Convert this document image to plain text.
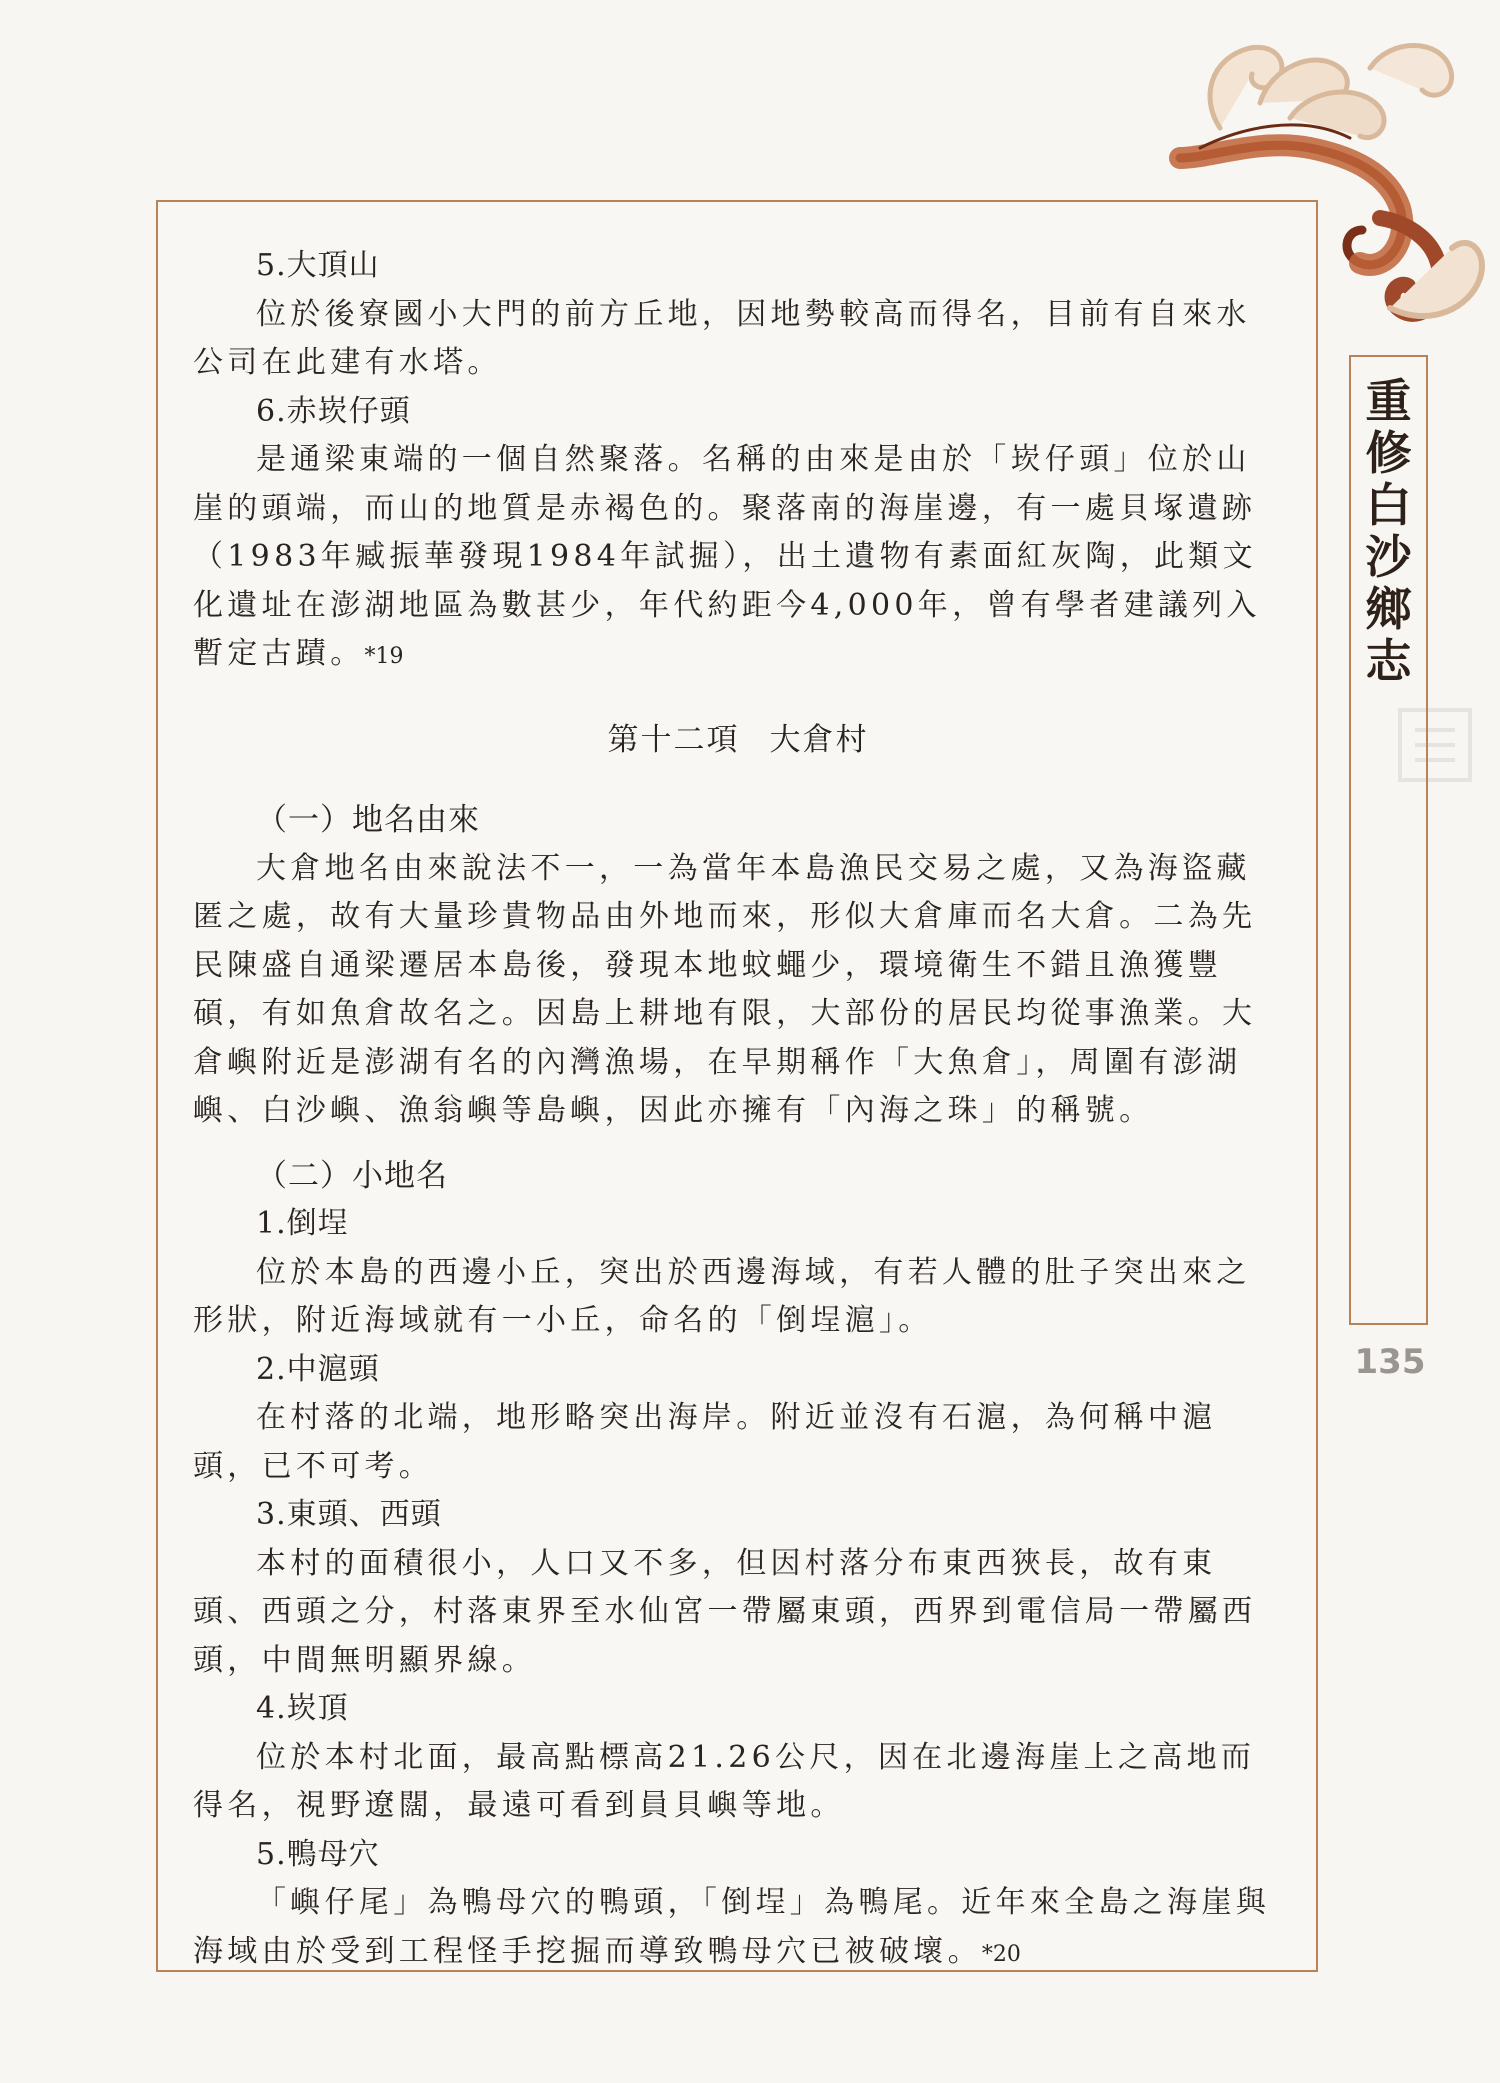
重
修
白
沙
鄉
志
135

5.大頂山

位於後寮國小大門的前方丘地，因地勢較高而得名，目前有自來水公司在此建有水塔。

6.赤崁仔頭

是通梁東端的一個自然聚落。名稱的由來是由於「崁仔頭」位於山崖的頭端，而山的地質是赤褐色的。聚落南的海崖邊，有一處貝塚遺跡（1983年臧振華發現1984年試掘），出土遺物有素面紅灰陶，此類文化遺址在澎湖地區為數甚少，年代約距今4,000年，曾有學者建議列入暫定古蹟。*19

第十二項 大倉村

（一）地名由來

大倉地名由來說法不一，一為當年本島漁民交易之處，又為海盜藏匿之處，故有大量珍貴物品由外地而來，形似大倉庫而名大倉。二為先民陳盛自通梁遷居本島後，發現本地蚊蠅少，環境衛生不錯且漁獲豐碩，有如魚倉故名之。因島上耕地有限，大部份的居民均從事漁業。大倉嶼附近是澎湖有名的內灣漁場，在早期稱作「大魚倉」，周圍有澎湖嶼、白沙嶼、漁翁嶼等島嶼，因此亦擁有「內海之珠」的稱號。

（二）小地名

1.倒埕

位於本島的西邊小丘，突出於西邊海域，有若人體的肚子突出來之形狀，附近海域就有一小丘，命名的「倒埕滬」。

2.中滬頭

在村落的北端，地形略突出海岸。附近並沒有石滬，為何稱中滬頭，已不可考。

3.東頭、西頭

本村的面積很小，人口又不多，但因村落分布東西狹長，故有東頭、西頭之分，村落東界至水仙宮一帶屬東頭，西界到電信局一帶屬西頭，中間無明顯界線。

4.崁頂

位於本村北面，最高點標高21.26公尺，因在北邊海崖上之高地而得名，視野遼闊，最遠可看到員貝嶼等地。

5.鴨母穴

「嶼仔尾」為鴨母穴的鴨頭，「倒埕」為鴨尾。近年來全島之海崖與海域由於受到工程怪手挖掘而導致鴨母穴已被破壞。*20
